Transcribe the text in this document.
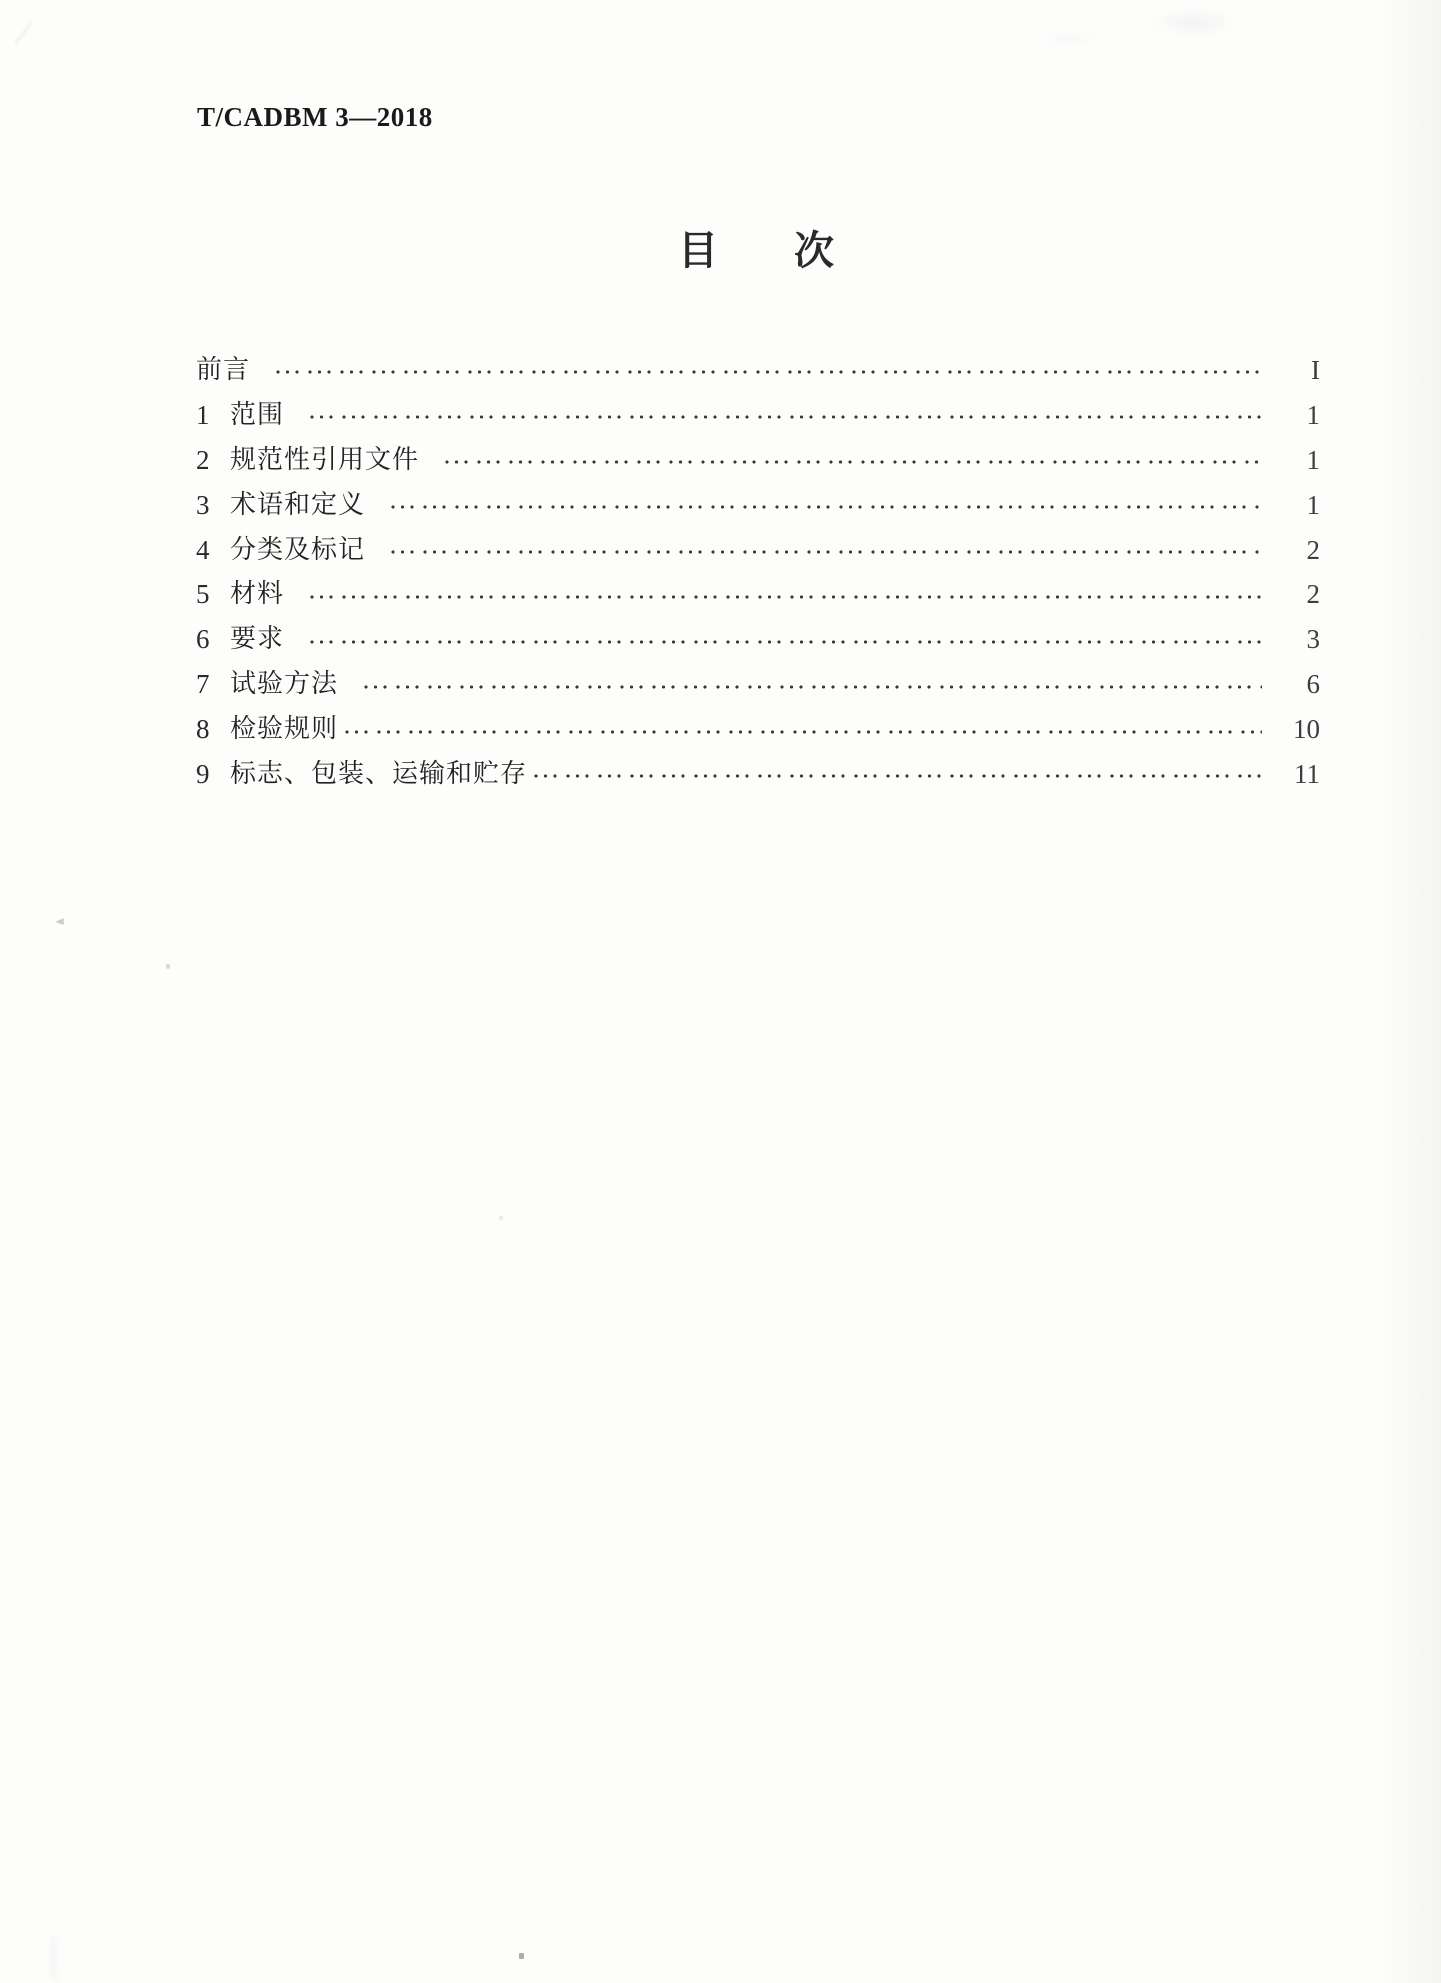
T/CADBM 3—2018
目次
前言	I
1 范围	1
2 规范性引用文件	1
3 术语和定义	1
4 分类及标记	2
5 材料	2
6 要求	3
7 试验方法	6
8 检验规则	10
9 标志、包装、运输和贮存	11
